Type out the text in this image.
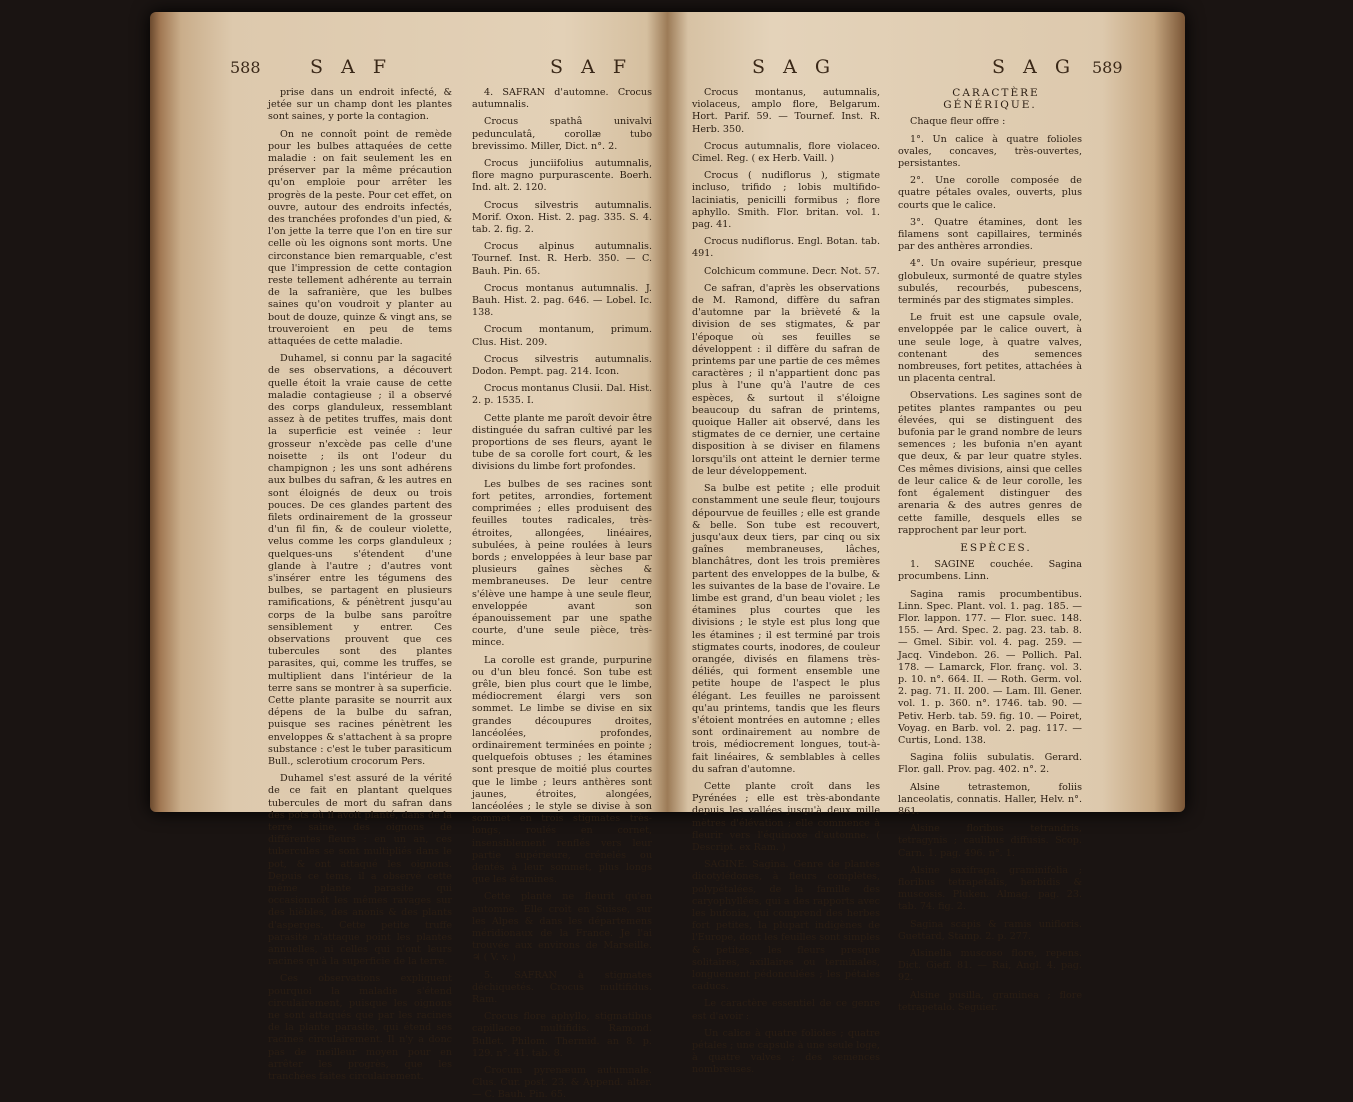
588	S A F	S A F

prise dans un endroit infecté, & jetée sur un champ dont les plantes sont saines, y porte la contagion.

On ne connoît point de remède pour les bulbes attaquées de cette maladie : on fait seulement les en préserver par la même précaution qu'on emploie pour arrêter les progrès de la peste. Pour cet effet, on ouvre, autour des endroits infectés, des tranchées profondes d'un pied, & l'on jette la terre que l'on en tire sur celle où les oignons sont morts. Une circonstance bien remarquable, c'est que l'impression de cette contagion reste tellement adhérente au terrain de la safranière, que les bulbes saines qu'on voudroit y planter au bout de douze, quinze & vingt ans, se trouveroient en peu de tems attaquées de cette maladie.

Duhamel, si connu par la sagacité de ses observations, a découvert quelle étoit la vraie cause de cette maladie contagieuse ; il a observé des corps glanduleux, ressemblant assez à de petites truffes, mais dont la superficie est veinée : leur grosseur n'excède pas celle d'une noisette ; ils ont l'odeur du champignon ; les uns sont adhérens aux bulbes du safran, & les autres en sont éloignés de deux ou trois pouces. De ces glandes partent des filets ordinairement de la grosseur d'un fil fin, & de couleur violette, velus comme les corps glanduleux ; quelques-uns s'étendent d'une glande à l'autre ; d'autres vont s'insérer entre les tégumens des bulbes, se partagent en plusieurs ramifications, & pénètrent jusqu'au corps de la bulbe sans paroître sensiblement y entrer. Ces observations prouvent que ces tubercules sont des plantes parasites, qui, comme les truffes, se multiplient dans l'intérieur de la terre sans se montrer à sa superficie. Cette plante parasite se nourrit aux dépens de la bulbe du safran, puisque ses racines pénètrent les enveloppes & s'attachent à sa propre substance : c'est le tuber parasiticum Bull., sclerotium crocorum Pers.

Duhamel s'est assuré de la vérité de ce fait en plantant quelques tubercules de mort du safran dans des pots où il avoit planté, dans de la terre saine, des oignons de différentes fleurs : en un an, ces tubercules se sont multipliés dans le pot, & ont attaqué les oignons. Depuis ce tems, il a observé cette même plante parasite qui occasionnoit les mêmes ravages sur des hièbles, des anonis & des plants d'asperges. Cette petite truffe parasite n'attaque point les plantes annuelles, ni celles qui n'ont leurs racines qu'à la superficie de la terre.

Ces observations expliquent pourquoi la maladie s'étend circulairement, puisque les oignons ne sont attaqués que par les racines de la plante parasite, qui étend ses racines circulairement. Il n'y a donc pas de meilleur moyen pour en arrêter les progrès, que les tranchées faites circulairement.

4. SAFRAN d'automne. Crocus autumnalis.

Crocus spathâ univalvi pedunculatâ, corollæ tubo brevissimo. Miller, Dict. n°. 2.

Crocus junciifolius autumnalis, flore magno purpurascente. Boerh. Ind. alt. 2. 120.

Crocus silvestris autumnalis. Morif. Oxon. Hist. 2. pag. 335. S. 4. tab. 2. fig. 2.

Crocus alpinus autumnalis. Tournef. Inst. R. Herb. 350. — C. Bauh. Pin. 65.

Crocus montanus autumnalis. J. Bauh. Hist. 2. pag. 646. — Lobel. Ic. 138.

Crocum montanum, primum. Clus. Hist. 209.

Crocus silvestris autumnalis. Dodon. Pempt. pag. 214. Icon.

Crocus montanus Clusii. Dal. Hist. 2. p. 1535. I.

Cette plante me paroît devoir être distinguée du safran cultivé par les proportions de ses fleurs, ayant le tube de sa corolle fort court, & les divisions du limbe fort profondes.

Les bulbes de ses racines sont fort petites, arrondies, fortement comprimées ; elles produisent des feuilles toutes radicales, très-étroites, allongées, linéaires, subulées, à peine roulées à leurs bords ; enveloppées à leur base par plusieurs gaînes sèches & membraneuses. De leur centre s'élève une hampe à une seule fleur, enveloppée avant son épanouissement par une spathe courte, d'une seule pièce, très-mince.

La corolle est grande, purpurine ou d'un bleu foncé. Son tube est grêle, bien plus court que le limbe, médiocrement élargi vers son sommet. Le limbe se divise en six grandes découpures droites, lancéolées, profondes, ordinairement terminées en pointe ; quelquefois obtuses ; les étamines sont presque de moitié plus courtes que le limbe ; leurs anthères sont jaunes, étroites, alongées, lancéolées ; le style se divise à son sommet en trois stigmates très-longs, roulés en cornet, insensiblement renflés vers leur partie supérieure, crénelés ou dentés à leur sommet, plus longs que les étamines.

Cette plante ne fleurit qu'en automne. Elle croît en Suisse, sur les Alpes & dans les départemens méridionaux de la France. Je l'ai trouvée aux environs de Marseille. ♃ ( V. v. )

5. SAFRAN à stigmates déchiquetés. Crocus multifidus. Ram.

Crocus flore aphyllo, stigmatibus capillaceo multifidis. Ramond. Bullet. Philom. Thermid. an 8. p. 129. n°. 41. tab. 8.

Crocum pyrenæum autumnale. Clus. Cur. post. 23. & Append. alter. — C. Bauh. Pin. 65.

S A G	S A G 589

Crocus montanus, autumnalis, violaceus, amplo flore, Belgarum. Hort. Parif. 59. — Tournef. Inst. R. Herb. 350.

Crocus autumnalis, flore violaceo. Cimel. Reg. ( ex Herb. Vaill. )

Crocus ( nudiflorus ), stigmate incluso, trifido ; lobis multifido-laciniatis, penicilli formibus ; flore aphyllo. Smith. Flor. britan. vol. 1. pag. 41.

Crocus nudiflorus. Engl. Botan. tab. 491.

Colchicum commune. Decr. Not. 57.

Ce safran, d'après les observations de M. Ramond, diffère du safran d'automne par la brièveté & la division de ses stigmates, & par l'époque où ses feuilles se développent : il diffère du safran de printems par une partie de ces mêmes caractères ; il n'appartient donc pas plus à l'une qu'à l'autre de ces espèces, & surtout il s'éloigne beaucoup du safran de printems, quoique Haller ait observé, dans les stigmates de ce dernier, une certaine disposition à se diviser en filamens lorsqu'ils ont atteint le dernier terme de leur développement.

Sa bulbe est petite ; elle produit constamment une seule fleur, toujours dépourvue de feuilles ; elle est grande & belle. Son tube est recouvert, jusqu'aux deux tiers, par cinq ou six gaînes membraneuses, lâches, blanchâtres, dont les trois premières partent des enveloppes de la bulbe, & les suivantes de la base de l'ovaire. Le limbe est grand, d'un beau violet ; les étamines plus courtes que les divisions ; le style est plus long que les étamines ; il est terminé par trois stigmates courts, inodores, de couleur orangée, divisés en filamens très-déliés, qui forment ensemble une petite houpe de l'aspect le plus élégant. Les feuilles ne paroissent qu'au printems, tandis que les fleurs s'étoient montrées en automne ; elles sont ordinairement au nombre de trois, médiocrement longues, tout-à-fait linéaires, & semblables à celles du safran d'automne.

Cette plante croît dans les Pyrénées ; elle est très-abondante depuis les vallées jusqu'à deux mille mètres d'élévation ; elle commence à fleurir vers l'équinoxe d'automne. ( Descript. ex Ram. )

SAGINE. Sagina. Genre de plantes dicotylédones, à fleurs complètes, polypétalées, de la famille des caryophyllées, qui a des rapports avec les bufonia, qui comprend des herbes fort petites, la plupart indigènes de l'Europe, dont les feuilles sont simples & petites, les fleurs presque solitaires, axillaires ou terminales, longuement pédonculées ; les pétales caducs.

Le caractère essentiel de ce genre est d'avoir :

Un calice à quatre folioles ; quatre pétales ; une capsule à une seule loge, à quatre valves ; des semences nombreuses.

CARACTÈRE GÉNÉRIQUE.

Chaque fleur offre :

1°. Un calice à quatre folioles ovales, concaves, très-ouvertes, persistantes.

2°. Une corolle composée de quatre pétales ovales, ouverts, plus courts que le calice.

3°. Quatre étamines, dont les filamens sont capillaires, terminés par des anthères arrondies.

4°. Un ovaire supérieur, presque globuleux, surmonté de quatre styles subulés, recourbés, pubescens, terminés par des stigmates simples.

Le fruit est une capsule ovale, enveloppée par le calice ouvert, à une seule loge, à quatre valves, contenant des semences nombreuses, fort petites, attachées à un placenta central.

Observations. Les sagines sont de petites plantes rampantes ou peu élevées, qui se distinguent des bufonia par le grand nombre de leurs semences ; les bufonia n'en ayant que deux, & par leur quatre styles. Ces mêmes divisions, ainsi que celles de leur calice & de leur corolle, les font également distinguer des arenaria & des autres genres de cette famille, desquels elles se rapprochent par leur port.

ESPÈCES.

1. SAGINE couchée. Sagina procumbens. Linn.

Sagina ramis procumbentibus. Linn. Spec. Plant. vol. 1. pag. 185. — Flor. lappon. 177. — Flor. suec. 148. 155. — Ard. Spec. 2. pag. 23. tab. 8. — Gmel. Sibir. vol. 4. pag. 259. — Jacq. Vindebon. 26. — Pollich. Pal. 178. — Lamarck, Flor. franç. vol. 3. p. 10. n°. 664. II. — Roth. Germ. vol. 2. pag. 71. II. 200. — Lam. Ill. Gener. vol. 1. p. 360. n°. 1746. tab. 90. — Petiv. Herb. tab. 59. fig. 10. — Poiret, Voyag. en Barb. vol. 2. pag. 117. — Curtis, Lond. 138.

Sagina foliis subulatis. Gerard. Flor. gall. Prov. pag. 402. n°. 2.

Alsine tetrastemon, foliis lanceolatis, connatis. Haller, Helv. n°. 861.

Alsine floribus tetrandris, tetragynis ; caulibus diffusis. Scop. Carn. 1. pag. 496. n°. 1.

Alsine saxifraga, graminifolia ; floribus tetrapetalis, herbidis & muscosis. Pluken. Almag. pag. 23. tab. 74. fig. 2.

Sagina scapis & ramis unifloris. Guettard, Stamp. 2. p. 277.

Alsinella muscoso flore, repens. Dict. Gieff. 81. — Rai, Angl. 4. pag. 92.

Alsine pusilla, graminea ; flore tetrapetalo. Seguier.
